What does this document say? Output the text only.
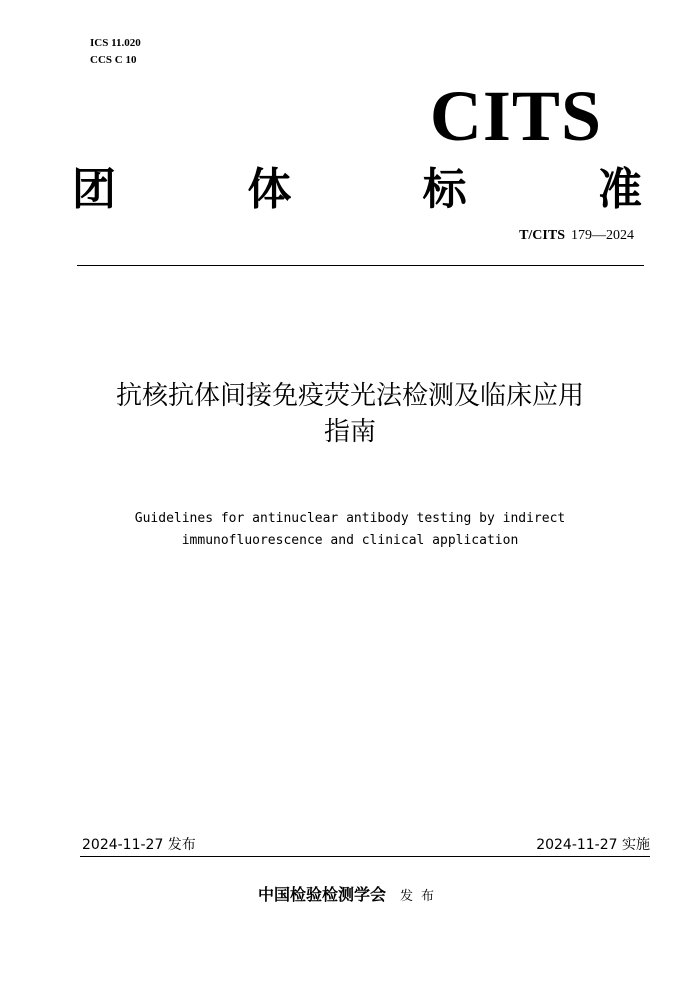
ICS 11.020
CCS C 10
CITS
团	体	标	准
T/CITS 179—2024
抗核抗体间接免疫荧光法检测及临床应用
指南
Guidelines for antinuclear antibody testing by indirect
immunofluorescence and clinical application
2024-11-27 发布	2024-11-27 实施
中国检验检测学会 发布
